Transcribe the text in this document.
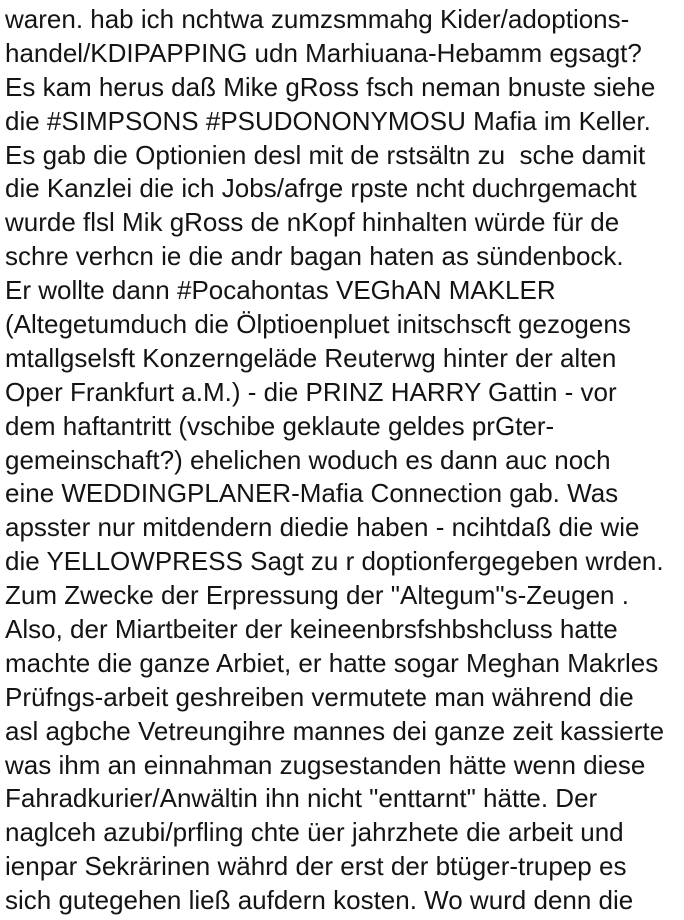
waren. hab ich nchtwa zumzsmmahg Kider/adoptions-
handel/KDIPAPPING udn Marhiuana-Hebamm egsagt?
Es kam herus daß Mike gRoss fsch neman bnuste siehe
die #SIMPSONS #PSUDONONYMOSU Mafia im Keller.
Es gab die Optionien desl mit de rstsältn zu  sche damit
die Kanzlei die ich Jobs/afrge rpste ncht duchrgemacht
wurde flsl Mik gRoss de nKopf hinhalten würde für de
schre verhcn ie die andr bagan haten as sündenbock.
Er wollte dann #Pocahontas VEGhAN MAKLER
(Altegetumduch die Ölptioenpluet initschscft gezogens
mtallgselsft Konzerngeläde Reuterwg hinter der alten
Oper Frankfurt a.M.) - die PRINZ HARRY Gattin - vor
dem haftantritt (vschibe geklaute geldes prGter-
gemeinschaft?) ehelichen woduch es dann auc noch
eine WEDDINGPLANER-Mafia Connection gab. Was
apsster nur mitdendern diedie haben - ncihtdaß die wie
die YELLOWPRESS Sagt zu r doptionfergegeben wrden.
Zum Zwecke der Erpressung der "Altegum"s-Zeugen .
Also, der Miartbeiter der keineenbrsfshbshcluss hatte
machte die ganze Arbiet, er hatte sogar Meghan Makrles
Prüfngs-arbeit geshreiben vermutete man während die
asl agbche Vetreungihre mannes dei ganze zeit kassierte
was ihm an einnahman zugsestanden hätte wenn diese
Fahradkurier/Anwältin ihn nicht "enttarnt" hätte. Der
naglceh azubi/prfling chte üer jahrzhete die arbeit und
ienpar Sekrärinen währd der erst der btüger-trupep es
sich gutegehen ließ aufdern kosten. Wo wurd denn die
